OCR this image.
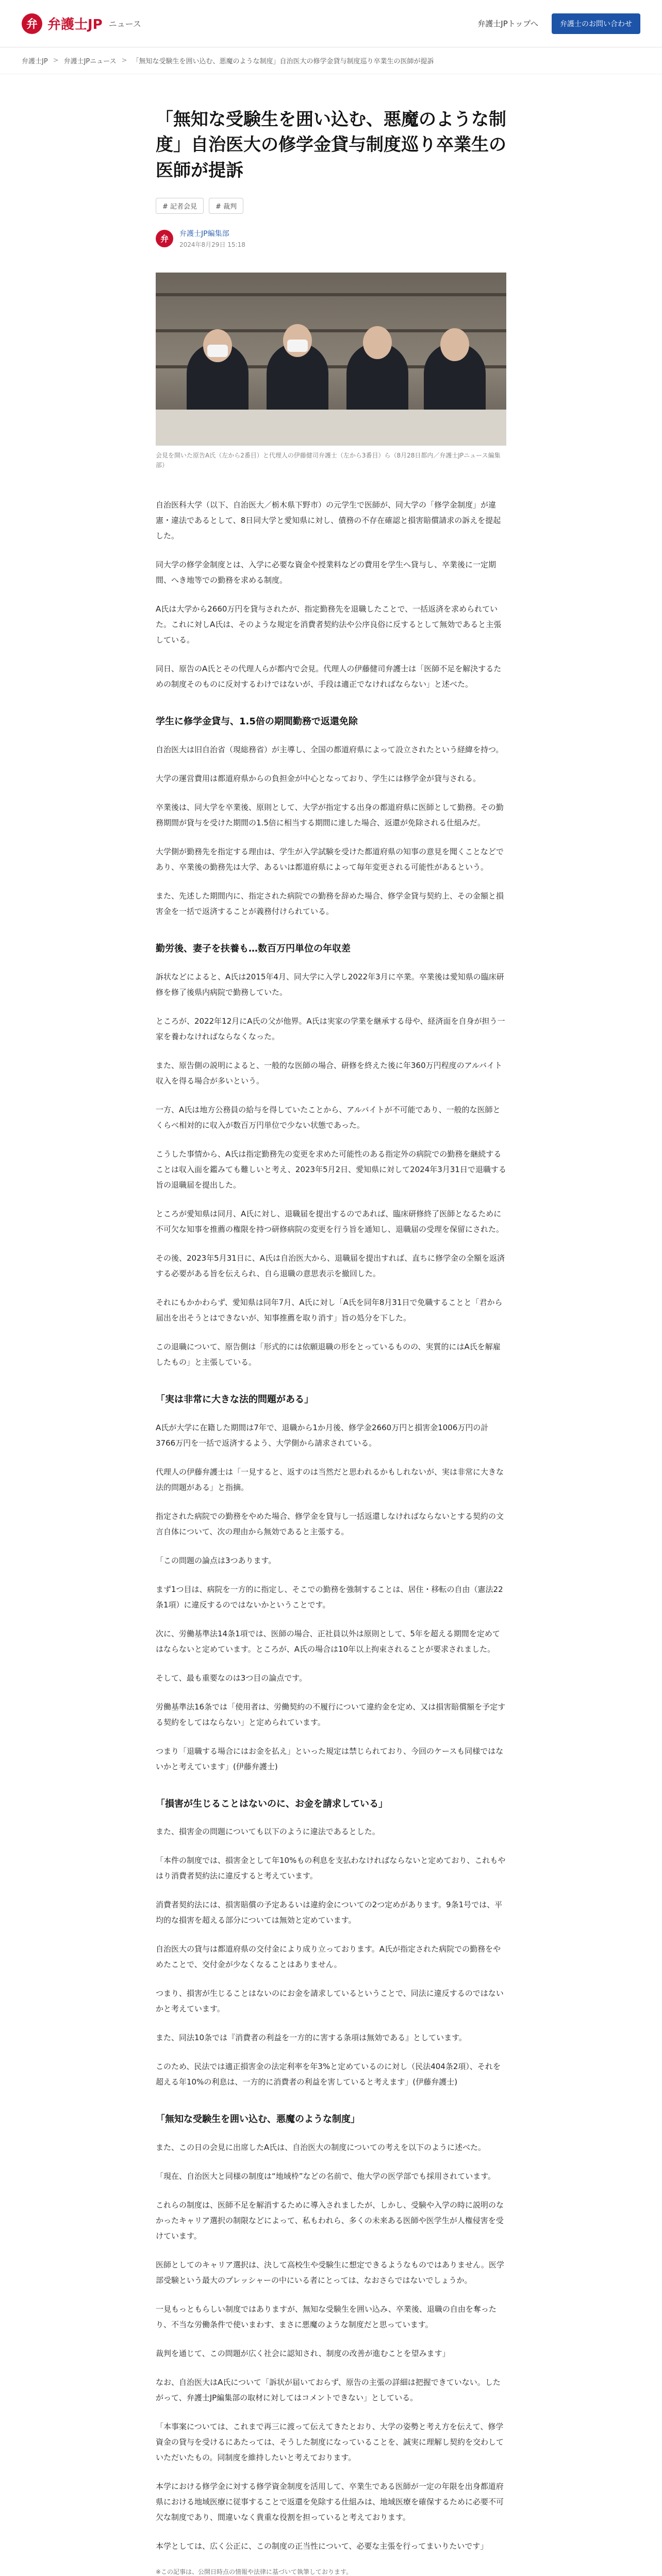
弁 弁護士JP ニュース	弁護士JPトップへ	弁護士のお問い合わせ
弁護士JP > 弁護士JPニュース > 「無知な受験生を囲い込む、悪魔のような制度」自治医大の修学金貸与制度巡り卒業生の医師が提訴
「無知な受験生を囲い込む、悪魔のような制度」自治医大の修学金貸与制度巡り卒業生の医師が提訴
# 記者会見	# 裁判
弁
弁護士JP編集部
2024年8月29日 15:18
会見を開いた原告A氏（左から2番目）と代理人の伊藤健司弁護士（左から3番目）ら（8月28日都内／弁護士JPニュース編集部）

自治医科大学（以下、自治医大／栃木県下野市）の元学生で医師が、同大学の「修学金制度」が違憲・違法であるとして、8日同大学と愛知県に対し、債務の不存在確認と損害賠償請求の訴えを提起した。

同大学の修学金制度とは、入学に必要な資金や授業料などの費用を学生へ貸与し、卒業後に一定期間、へき地等での勤務を求める制度。

A氏は大学から2660万円を貸与されたが、指定勤務先を退職したことで、一括返済を求められていた。これに対しA氏は、そのような規定を消費者契約法や公序良俗に反するとして無効であると主張している。

同日、原告のA氏とその代理人らが都内で会見。代理人の伊藤健司弁護士は「医師不足を解決するための制度そのものに反対するわけではないが、手段は適正でなければならない」と述べた。

学生に修学金貸与、1.5倍の期間勤務で返還免除

自治医大は旧自治省（現総務省）が主導し、全国の都道府県によって設立されたという経緯を持つ。

大学の運営費用は都道府県からの負担金が中心となっており、学生には修学金が貸与される。

卒業後は、同大学を卒業後、原則として、大学が指定する出身の都道府県に医師として勤務。その勤務期間が貸与を受けた期間の1.5倍に相当する期間に達した場合、返還が免除される仕組みだ。

大学側が勤務先を指定する理由は、学生が入学試験を受けた都道府県の知事の意見を聞くことなどであり、卒業後の勤務先は大学、あるいは都道府県によって毎年変更される可能性があるという。

また、先述した期間内に、指定された病院での勤務を辞めた場合、修学金貸与契約上、その金額と損害金を一括で返済することが義務付けられている。

勤労後、妻子を扶養も…数百万円単位の年収差

訴状などによると、A氏は2015年4月、同大学に入学し2022年3月に卒業。卒業後は愛知県の臨床研修を修了後県内病院で勤務していた。

ところが、2022年12月にA氏の父が他界。A氏は実家の学業を継承する母や、経済面を自身が担う一家を養わなければならなくなった。

また、原告側の説明によると、一般的な医師の場合、研修を終えた後に年360万円程度のアルバイト収入を得る場合が多いという。

一方、A氏は地方公務員の給与を得していたことから、アルバイトが不可能であり、一般的な医師とくらべ相対的に収入が数百万円単位で少ない状態であった。

こうした事情から、A氏は指定勤務先の変更を求めた可能性のある指定外の病院での勤務を継続することは収入面を鑑みても難しいと考え、2023年5月2日、愛知県に対して2024年3月31日で退職する旨の退職届を提出した。

ところが愛知県は同月、A氏に対し、退職届を提出するのであれば、臨床研修終了医師となるために不可欠な知事を推薦の権限を持つ研修病院の変更を行う旨を通知し、退職届の受理を保留にされた。

その後、2023年5月31日に、A氏は自治医大から、退職届を提出すれば、直ちに修学金の全額を返済する必要がある旨を伝えられ、自ら退職の意思表示を撤回した。

それにもかかわらず、愛知県は同年7月、A氏に対し「A氏を同年8月31日で免職することと「君から届出を出そうとはできないが、知事推薦を取り消す」旨の処分を下した。

この退職について、原告側は「形式的には依願退職の形をとっているものの、実質的にはA氏を解雇したもの」と主張している。

「実は非常に大きな法的問題がある」

A氏が大学に在籍した期間は7年で、退職から1か月後、修学金2660万円と損害金1006万円の計3766万円を一括で返済するよう、大学側から請求されている。

代理人の伊藤弁護士は「一見すると、返すのは当然だと思われるかもしれないが、実は非常に大きな法的問題がある」と指摘。

指定された病院での勤務をやめた場合、修学金を貸与し一括返還しなければならないとする契約の文言自体について、次の理由から無効であると主張する。

「この問題の論点は3つあります。

まず1つ目は、病院を一方的に指定し、そこでの勤務を強制することは、居住・移転の自由（憲法22条1項）に違反するのではないかということです。

次に、労働基準法14条1項では、医師の場合、正社員以外は原則として、5年を超える期間を定めてはならないと定めています。ところが、A氏の場合は10年以上拘束されることが要求されました。

そして、最も重要なのは3つ目の論点です。

労働基準法16条では「使用者は、労働契約の不履行について違約金を定め、又は損害賠償額を予定する契約をしてはならない」と定められています。

つまり「退職する場合にはお金を払え」といった規定は禁じられており、今回のケースも同様ではないかと考えています」(伊藤弁護士)

「損害が生じることはないのに、お金を請求している」

また、損害金の問題についても以下のように違法であるとした。

「本件の制度では、損害金として年10%もの利息を支払わなければならないと定めており、これもやはり消費者契約法に違反すると考えています。

消費者契約法には、損害賠償の予定あるいは違約金についての2つ定めがあります。9条1号では、平均的な損害を超える部分については無効と定めています。

自治医大の貸与は都道府県の交付金により成り立っております。A氏が指定された病院での勤務をやめたことで、交付金が少なくなることはありません。

つまり、損害が生じることはないのにお金を請求しているということで、同法に違反するのではないかと考えています。

また、同法10条では『消費者の利益を一方的に害する条項は無効である』としています。

このため、民法では適正損害金の法定利率を年3%と定めているのに対し（民法404条2項）、それを超える年10%の利息は、一方的に消費者の利益を害していると考えます」(伊藤弁護士)

「無知な受験生を囲い込む、悪魔のような制度」

また、この日の会見に出席したA氏は、自治医大の制度についての考えを以下のように述べた。

「現在、自治医大と同様の制度は“地域枠”などの名前で、他大学の医学部でも採用されています。

これらの制度は、医師不足を解消するために導入されましたが、しかし、受験や入学の時に説明のなかったキャリア選択の制限などによって、私もわれら、多くの未来ある医師や医学生が人権侵害を受けています。

医師としてのキャリア選択は、決して高校生や受験生に想定できるようなものではありません。医学部受験という最大のプレッシャーの中にいる者にとっては、なおさらではないでしょうか。

一見もっともらしい制度ではありますが、無知な受験生を囲い込み、卒業後、退職の自由を奪ったり、不当な労働条件で使いまわす、まさに悪魔のような制度だと思っています。

裁判を通じて、この問題が広く社会に認知され、制度の改善が進むことを望みます」

なお、自治医大はA氏について「訴状が届いておらず、原告の主張の詳細は把握できていない。したがって、弁護士JP編集部の取材に対してはコメントできない」としている。

「本事案については、これまで再三に渡って伝えてきたとおり、大学の姿勢と考え方を伝えて、修学資金の貸与を受けるにあたっては、そうした制度になっていることを、誠実に理解し契約を交わしていただいたもの。同制度を維持したいと考えております。

本学における修学金に対する修学資金制度を活用して、卒業生である医師が一定の年限を出身都道府県における地域医療に従事することで返還を免除する仕組みは、地域医療を確保するために必要不可欠な制度であり、間違いなく貴重な役割を担っていると考えております。

本学としては、広く公正に、この制度の正当性について、必要な主張を行ってまいりたいです」

※この記事は、公開日時点の情報や法律に基づいて執筆しております。
